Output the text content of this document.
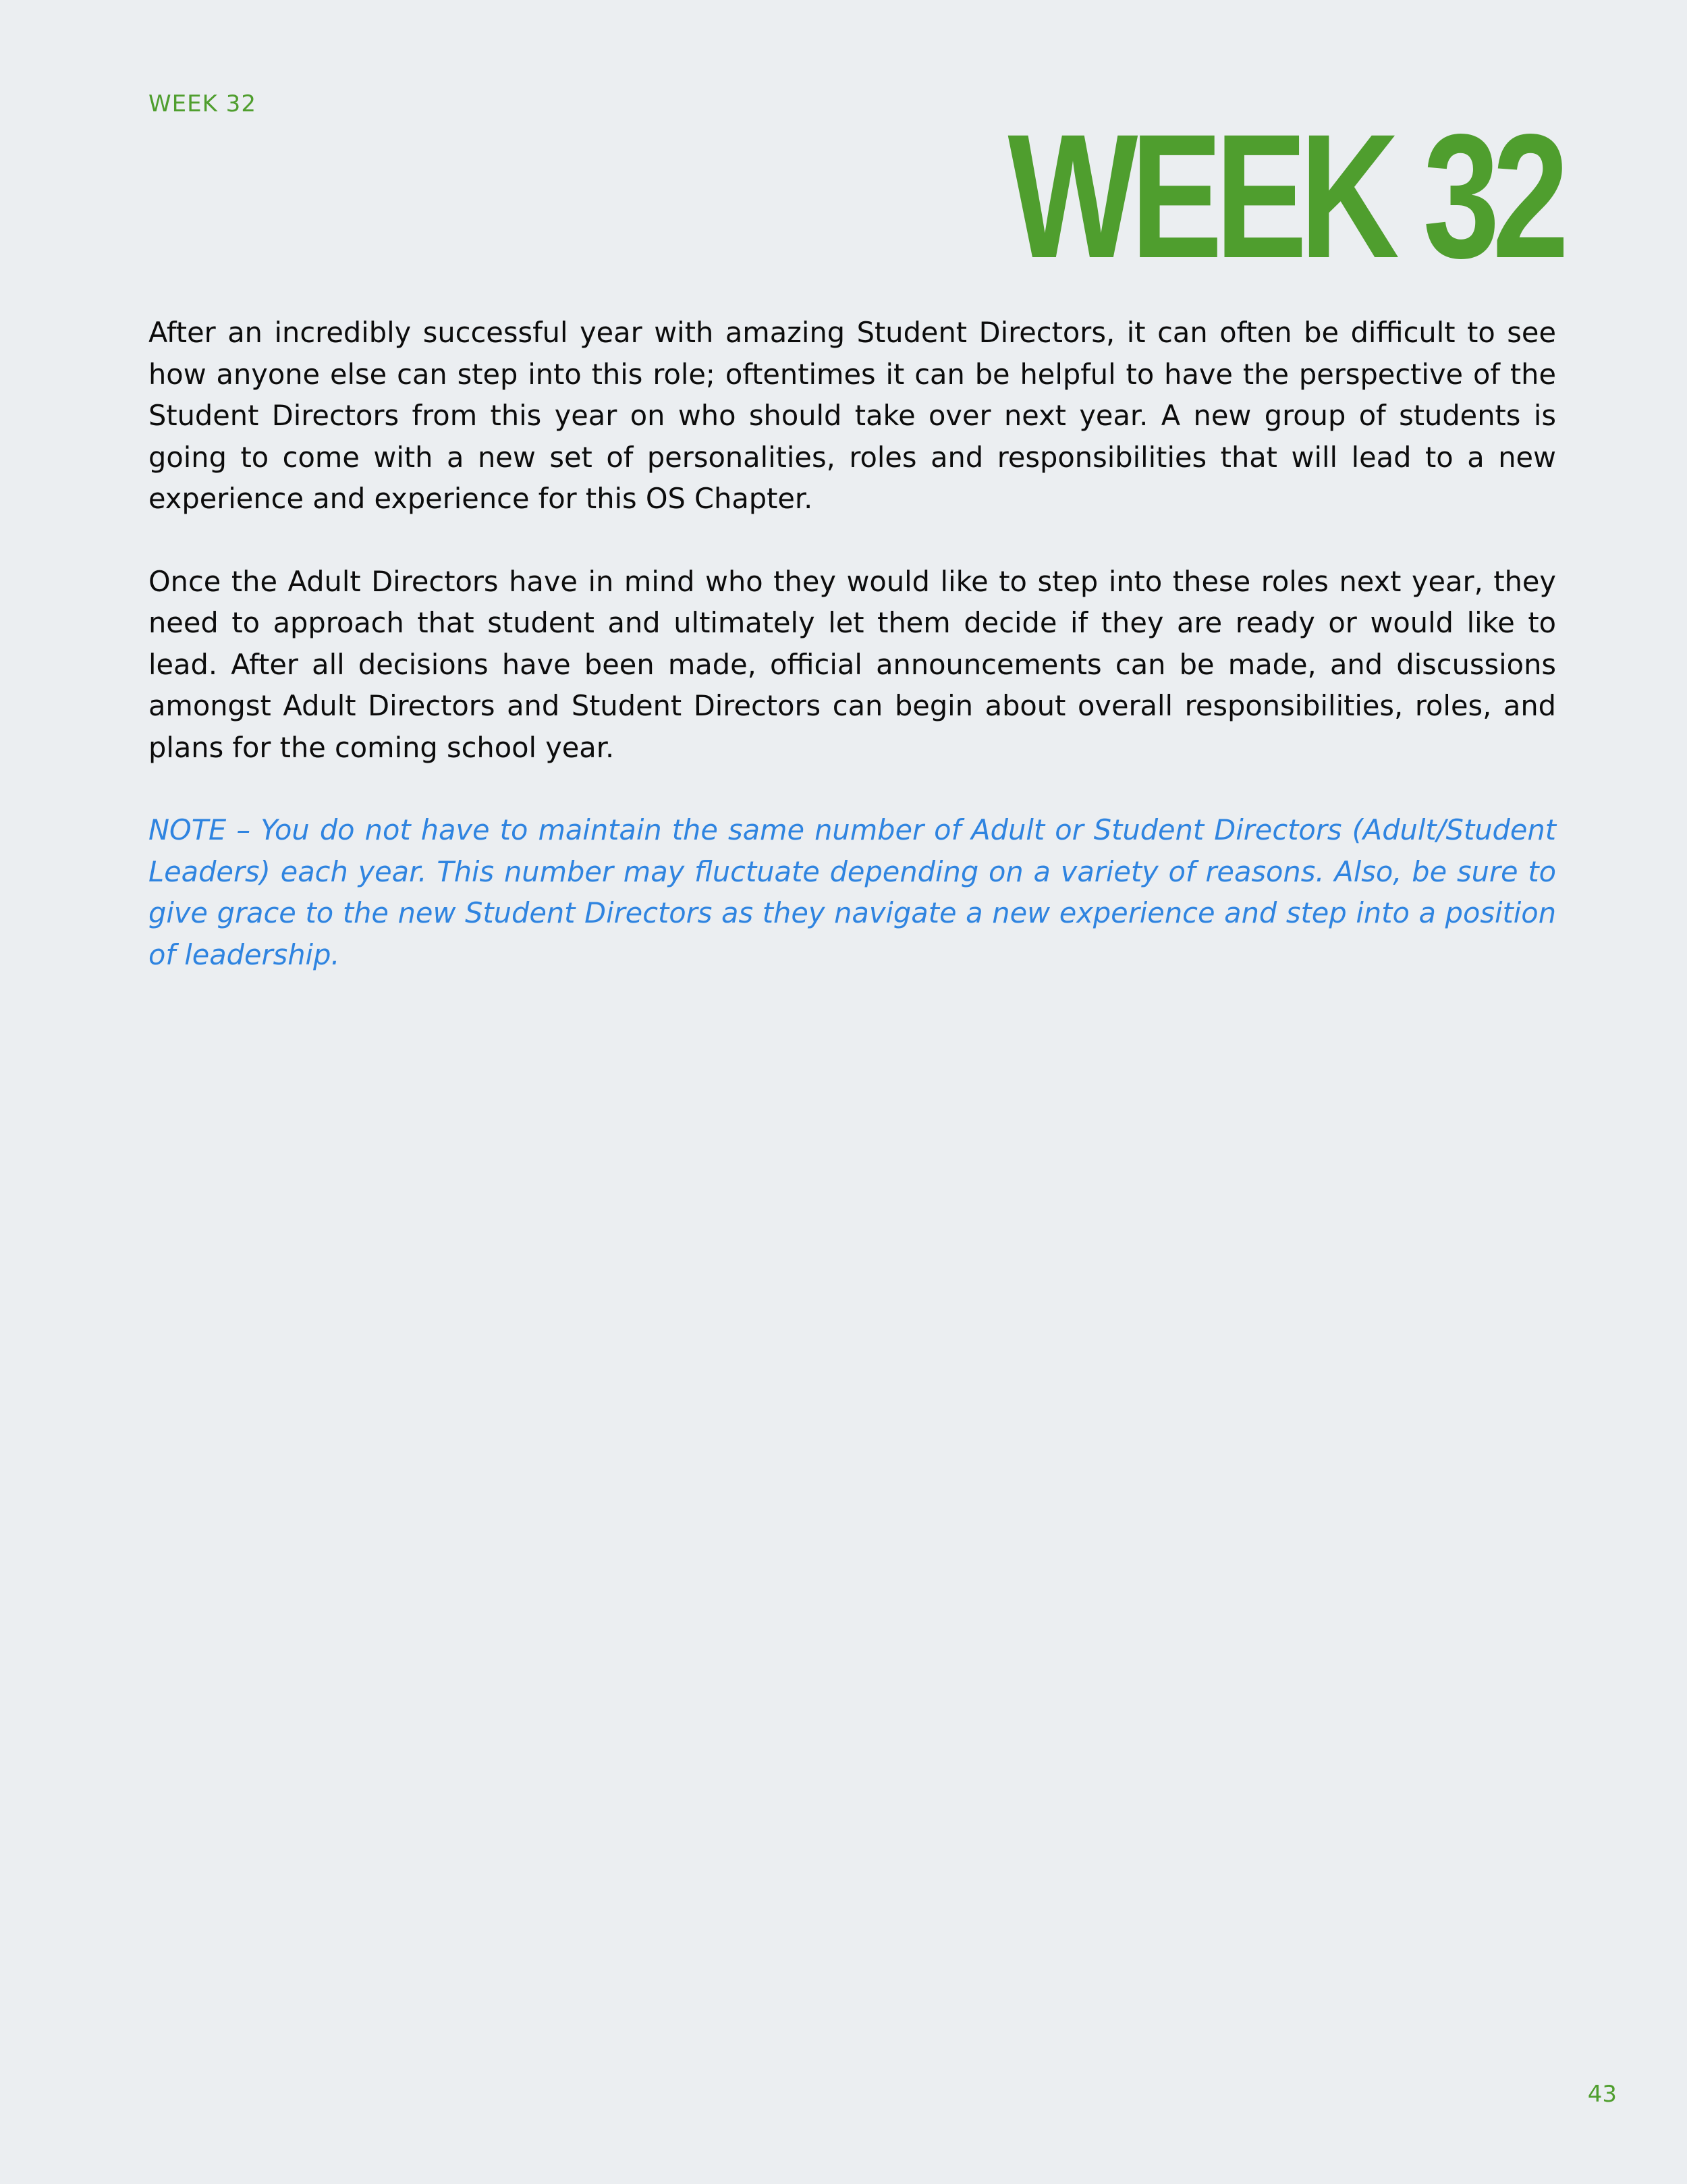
WEEK 32	WEEK 32

After an incredibly successful year with amazing Student Directors, it can often be difficult to see how anyone else can step into this role; oftentimes it can be helpful to have the perspective of the Student Directors from this year on who should take over next year. A new group of students is going to come with a new set of personalities, roles and responsibilities that will lead to a new experience and experience for this OS Chapter.

Once the Adult Directors have in mind who they would like to step into these roles next year, they need to approach that student and ultimately let them decide if they are ready or would like to lead. After all decisions have been made, official announcements can be made, and discussions amongst Adult Directors and Student Directors can begin about overall responsibilities, roles, and plans for the coming school year.

NOTE – You do not have to maintain the same number of Adult or Student Directors (Adult/Student Leaders) each year. This number may fluctuate depending on a variety of reasons. Also, be sure to give grace to the new Student Directors as they navigate a new experience and step into a position of leadership.

43
